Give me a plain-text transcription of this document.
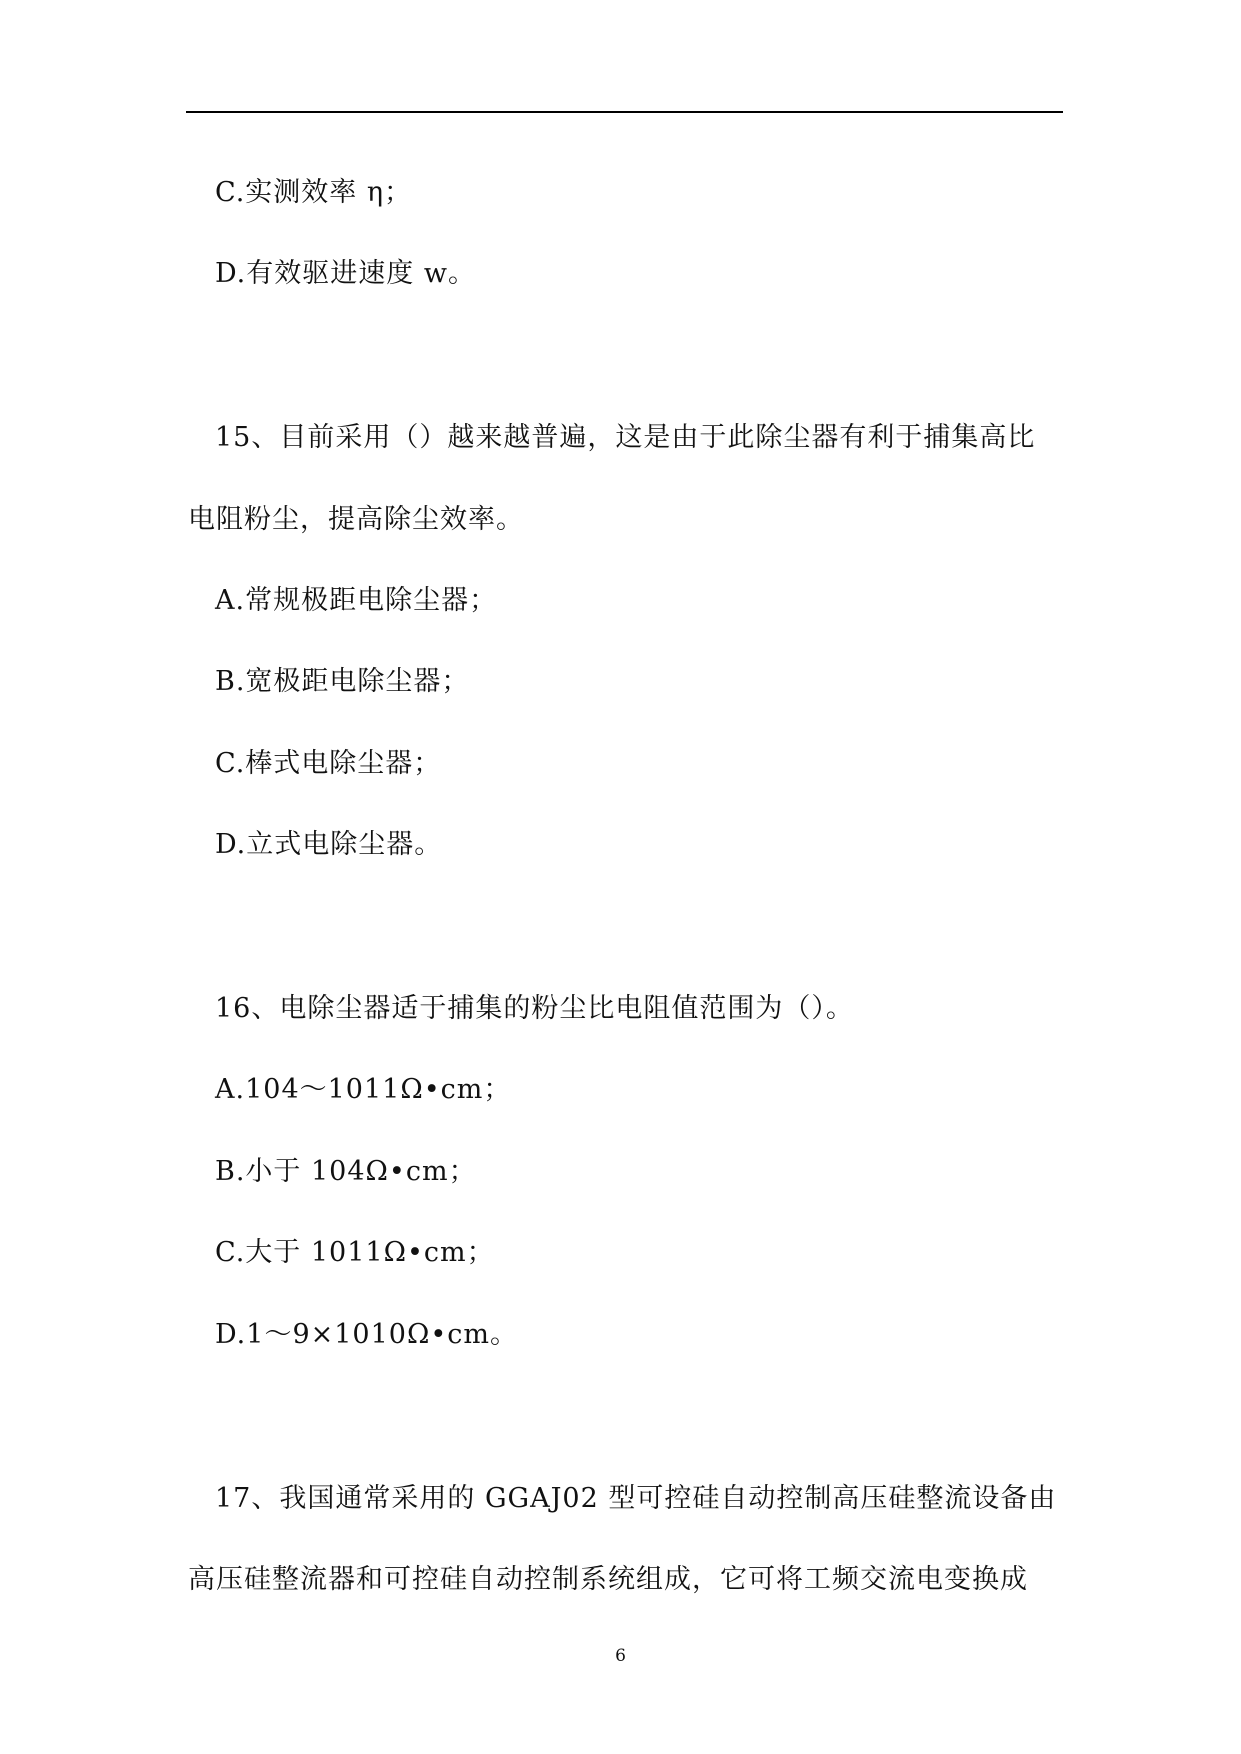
C.实测效率 η；
D.有效驱进速度 w。
15、目前采用（）越来越普遍，这是由于此除尘器有利于捕集高比
电阻粉尘，提高除尘效率。
A.常规极距电除尘器；
B.宽极距电除尘器；
C.棒式电除尘器；
D.立式电除尘器。
16、电除尘器适于捕集的粉尘比电阻值范围为（）。
A.104～1011Ω•cm；
B.小于 104Ω•cm；
C.大于 1011Ω•cm；
D.1～9×1010Ω•cm。
17、我国通常采用的 GGAJ02 型可控硅自动控制高压硅整流设备由
高压硅整流器和可控硅自动控制系统组成，它可将工频交流电变换成
6
